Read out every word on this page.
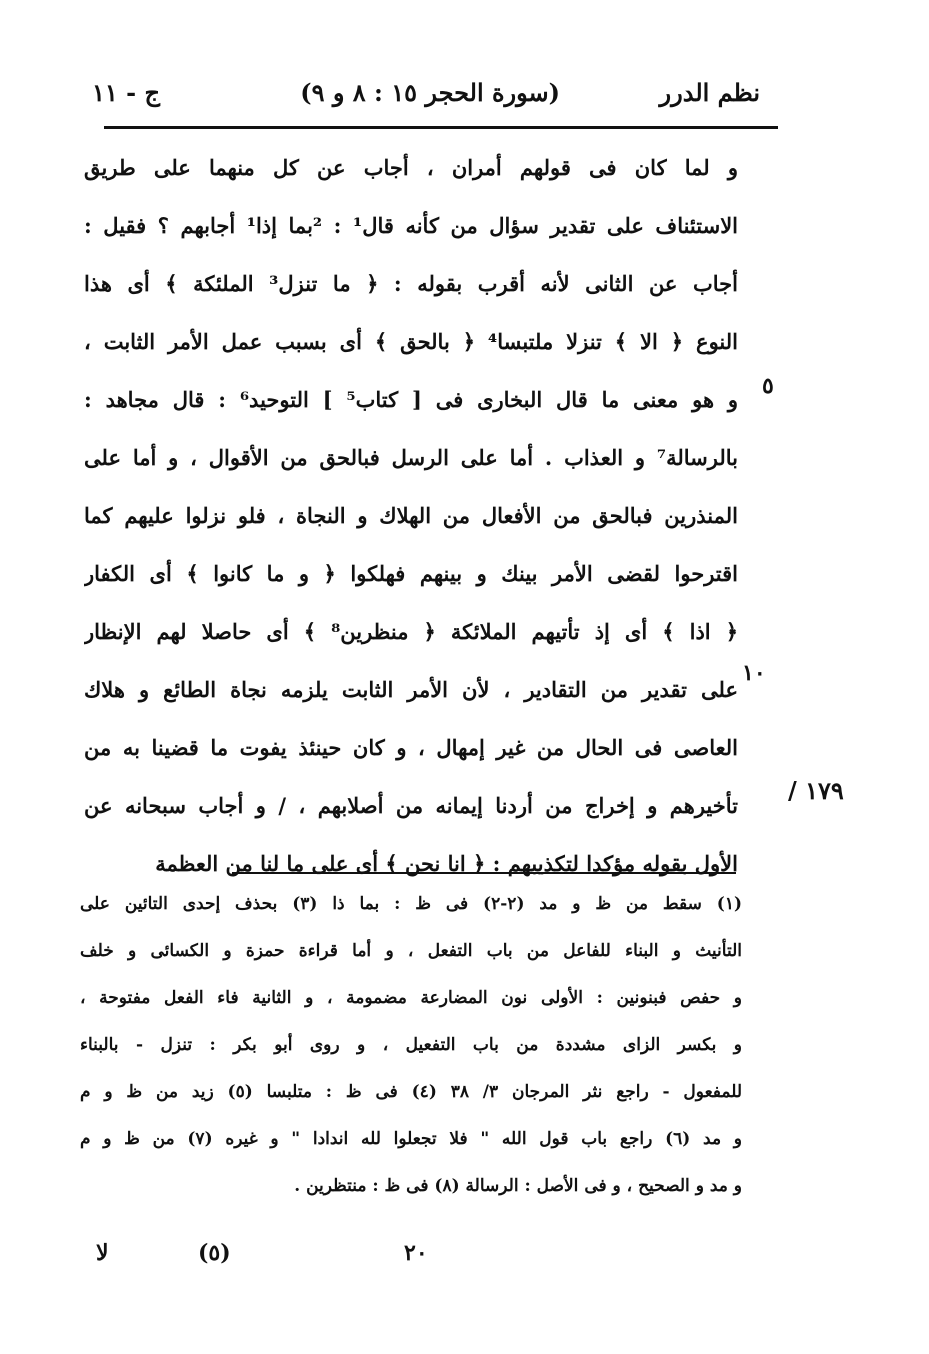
نظم الدرر
(سورة الحجر ١٥ : ٨ و ٩)
ج - ١١
و لما كان فى قولهم أمران ، أجاب عن كل منهما على طريق
الاستئناف على تقدير سؤال من كأنه قال¹ : ²بما إذا¹ أجابهم ؟ فقيل :
أجاب عن الثانى لأنه أقرب بقوله : ﴿ ما تنزل³ الملئكة ﴾ أى هذا
النوع ﴿ الا ﴾ تنزلا ملتبسا⁴ ﴿ بالحق ﴾ أى بسبب عمل الأمر الثابت ،
و هو معنى ما قال البخارى فى [ كتاب⁵ ] التوحيد⁶ : قال مجاهد :
بالرسالة⁷ و العذاب . أما على الرسل فبالحق من الأقوال ، و أما على
المنذرين فبالحق من الأفعال من الهلاك و النجاة ، فلو نزلوا عليهم كما
اقترحوا لقضى الأمر بينك و بينهم فهلكوا ﴿ و ما كانوا ﴾ أى الكفار
﴿ اذا ﴾ أى إذ تأتيهم الملائكة ﴿ منظرين⁸ ﴾ أى حاصلا لهم الإنظار
على تقدير من التقادير ، لأن الأمر الثابت يلزمه نجاة الطائع و هلاك
العاصى فى الحال من غير إمهال ، و كان حينئذ يفوت ما قضينا به من
تأخيرهم و إخراج من أردنا إيمانه من أصلابهم ، / و أجاب سبحانه عن
الأول بقوله مؤكدا لتكذيبهم : ﴿ انا نحن ﴾ أى على ما لنا من العظمة
٥
١٠
١٧٩ /
(١) سقط من ظ و مد (٢-٢) فى ظ : بما ذا (٣) بحذف إحدى التائين على
التأنيث و البناء للفاعل من باب التفعل ، و أما قراءة حمزة و الكسائى و خلف
و حفص فبنونين : الأولى نون المضارعة مضمومة ، و الثانية فاء الفعل مفتوحة ،
و بكسر الزاى مشددة من باب التفعيل ، و روى أبو بكر : تنزل - بالبناء
للمفعول - راجع نثر المرجان ٣/ ٣٨ (٤) فى ظ : متلبسا (٥) زيد من ظ و م
و مد (٦) راجع باب قول الله " فلا تجعلوا لله اندادا " و غيره (٧) من ظ و م
و مد و الصحيح ، و فى الأصل : الرسالة (٨) فى ظ : منتظرين .
٢٠
(٥)
لا
